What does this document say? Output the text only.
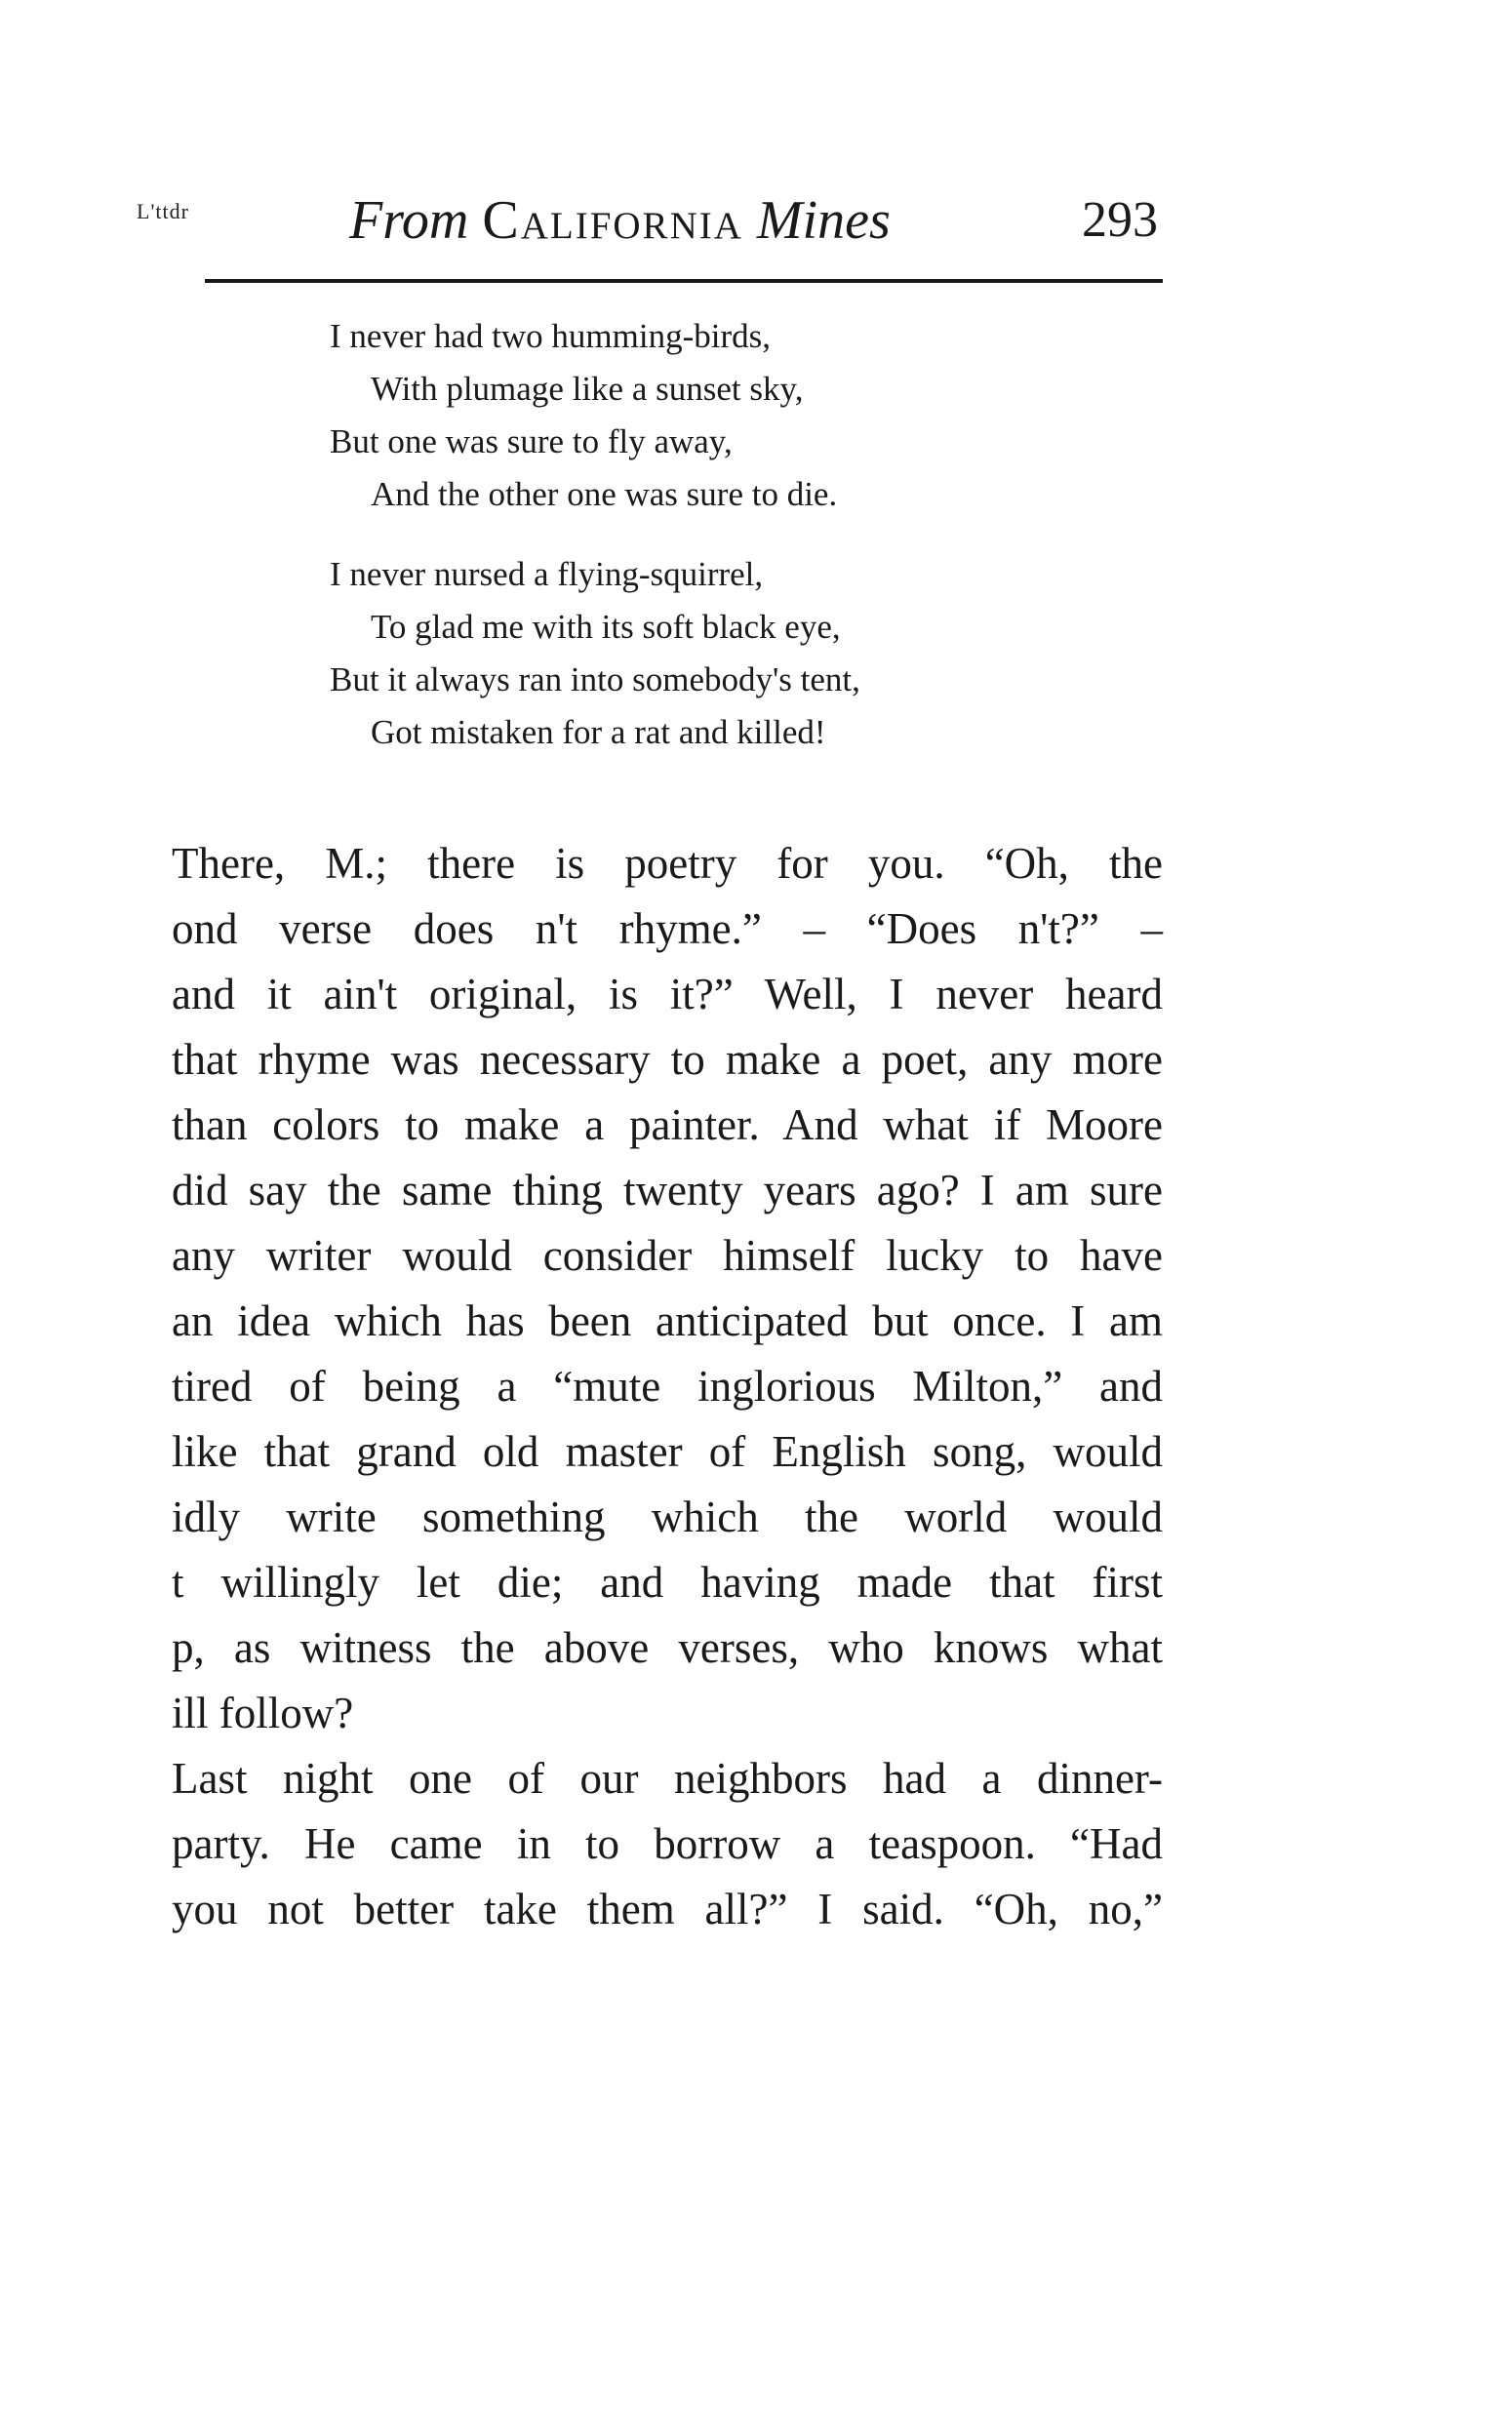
L'ttdr	From California Mines	293
I never had two humming-birds,
With plumage like a sunset sky,
But one was sure to fly away,
And the other one was sure to die.
I never nursed a flying-squirrel,
To glad me with its soft black eye,
But it always ran into somebody's tent,
Got mistaken for a rat and killed!
There, M.; there is poetry for you. “Oh, the
ond verse does n't rhyme.” – “Does n't?” –
and it ain't original, is it?” Well, I never heard
that rhyme was necessary to make a poet, any more
than colors to make a painter. And what if Moore
did say the same thing twenty years ago? I am sure
any writer would consider himself lucky to have
an idea which has been anticipated but once. I am
tired of being a “mute inglorious Milton,” and
like that grand old master of English song, would
idly write something which the world would
t willingly let die; and having made that first
p, as witness the above verses, who knows what
ill follow?
Last night one of our neighbors had a dinner-
party. He came in to borrow a teaspoon. “Had
you not better take them all?” I said. “Oh, no,”
